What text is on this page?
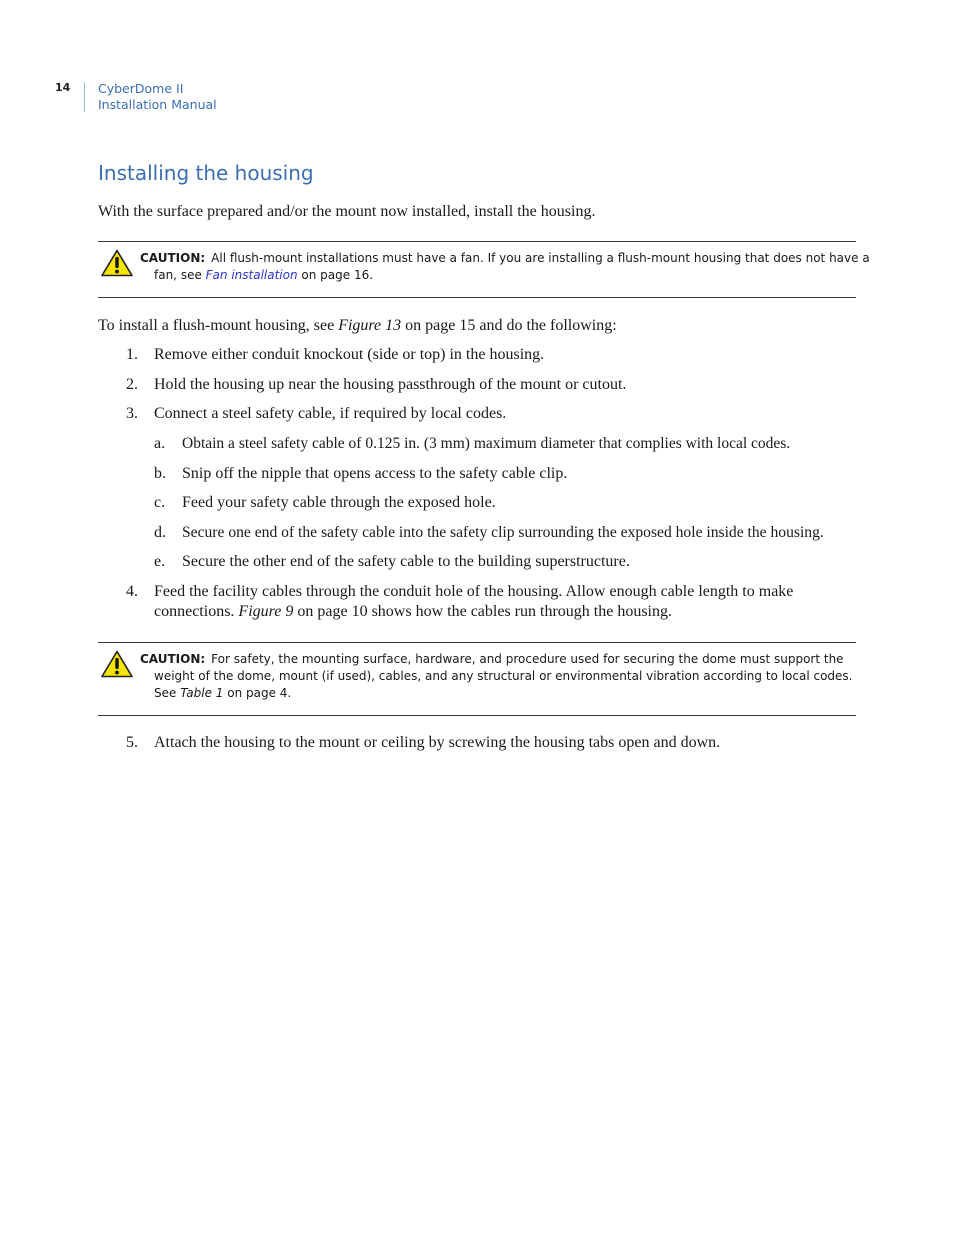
14	CyberDome II
Installation Manual
Installing the housing
With the surface prepared and/or the mount now installed, install the housing.
CAUTION: All flush-mount installations must have a fan. If you are installing a flush-mount housing that does not have a
fan, see Fan installation on page 16.
To install a flush-mount housing, see Figure 13 on page 15 and do the following:
1.	Remove either conduit knockout (side or top) in the housing.
2.	Hold the housing up near the housing passthrough of the mount or cutout.
3.	Connect a steel safety cable, if required by local codes.
a.	Obtain a steel safety cable of 0.125 in. (3 mm) maximum diameter that complies with local codes.
b.	Snip off the nipple that opens access to the safety cable clip.
c.	Feed your safety cable through the exposed hole.
d.	Secure one end of the safety cable into the safety clip surrounding the exposed hole inside the housing.
e.	Secure the other end of the safety cable to the building superstructure.
4.	Feed the facility cables through the conduit hole of the housing. Allow enough cable length to make
connections. Figure 9 on page 10 shows how the cables run through the housing.
CAUTION: For safety, the mounting surface, hardware, and procedure used for securing the dome must support the
weight of the dome, mount (if used), cables, and any structural or environmental vibration according to local codes.
See Table 1 on page 4.
5.	Attach the housing to the mount or ceiling by screwing the housing tabs open and down.
